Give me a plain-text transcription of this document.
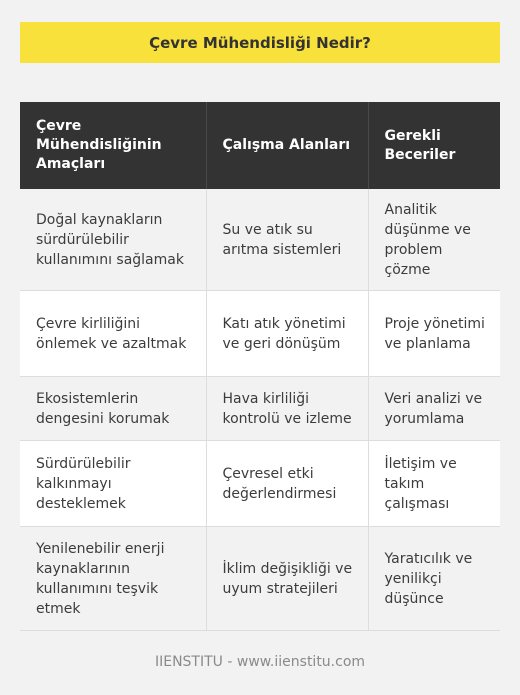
Çevre Mühendisliği Nedir?
Çevre Mühendisliğinin Amaçları	Çalışma Alanları	Gerekli Beceriler
Doğal kaynakların sürdürülebilir kullanımını sağlamak	Su ve atık su arıtma sistemleri	Analitik düşünme ve problem çözme
Çevre kirliliğini önlemek ve azaltmak	Katı atık yönetimi ve geri dönüşüm	Proje yönetimi ve planlama
Ekosistemlerin dengesini korumak	Hava kirliliği kontrolü ve izleme	Veri analizi ve yorumlama
Sürdürülebilir kalkınmayı desteklemek	Çevresel etki değerlendirmesi	İletişim ve takım çalışması
Yenilenebilir enerji kaynaklarının kullanımını teşvik etmek	İklim değişikliği ve uyum stratejileri	Yaratıcılık ve yenilikçi düşünce
IIENSTITU - www.iienstitu.com
